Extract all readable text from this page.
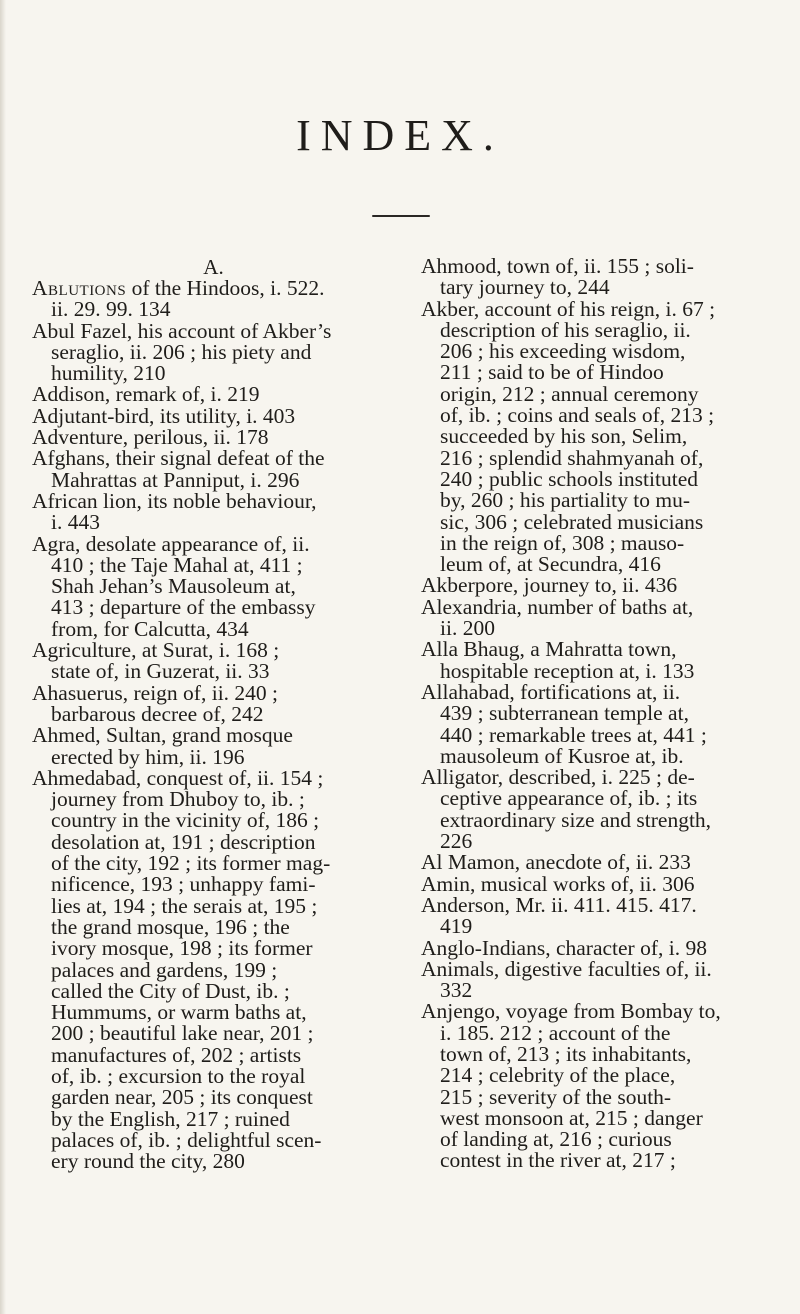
INDEX.
A.

Ablutions of the Hindoos, i. 522.
ii. 29. 99. 134

Abul Fazel, his account of Akber’s
seraglio, ii. 206 ; his piety and
humility, 210

Addison, remark of, i. 219

Adjutant-bird, its utility, i. 403

Adventure, perilous, ii. 178

Afghans, their signal defeat of the
Mahrattas at Panniput, i. 296

African lion, its noble behaviour,
i. 443

Agra, desolate appearance of, ii.
410 ; the Taje Mahal at, 411 ;
Shah Jehan’s Mausoleum at,
413 ; departure of the embassy
from, for Calcutta, 434

Agriculture, at Surat, i. 168 ;
state of, in Guzerat, ii. 33

Ahasuerus, reign of, ii. 240 ;
barbarous decree of, 242

Ahmed, Sultan, grand mosque
erected by him, ii. 196

Ahmedabad, conquest of, ii. 154 ;
journey from Dhuboy to, ib. ;
country in the vicinity of, 186 ;
desolation at, 191 ; description
of the city, 192 ; its former mag-
nificence, 193 ; unhappy fami-
lies at, 194 ; the serais at, 195 ;
the grand mosque, 196 ; the
ivory mosque, 198 ; its former
palaces and gardens, 199 ;
called the City of Dust, ib. ;
Hummums, or warm baths at,
200 ; beautiful lake near, 201 ;
manufactures of, 202 ; artists
of, ib. ; excursion to the royal
garden near, 205 ; its conquest
by the English, 217 ; ruined
palaces of, ib. ; delightful scen-
ery round the city, 280

Ahmood, town of, ii. 155 ; soli-
tary journey to, 244

Akber, account of his reign, i. 67 ;
description of his seraglio, ii.
206 ; his exceeding wisdom,
211 ; said to be of Hindoo
origin, 212 ; annual ceremony
of, ib. ; coins and seals of, 213 ;
succeeded by his son, Selim,
216 ; splendid shahmyanah of,
240 ; public schools instituted
by, 260 ; his partiality to mu-
sic, 306 ; celebrated musicians
in the reign of, 308 ; mauso-
leum of, at Secundra, 416

Akberpore, journey to, ii. 436

Alexandria, number of baths at,
ii. 200

Alla Bhaug, a Mahratta town,
hospitable reception at, i. 133

Allahabad, fortifications at, ii.
439 ; subterranean temple at,
440 ; remarkable trees at, 441 ;
mausoleum of Kusroe at, ib.

Alligator, described, i. 225 ; de-
ceptive appearance of, ib. ; its
extraordinary size and strength,
226

Al Mamon, anecdote of, ii. 233

Amin, musical works of, ii. 306

Anderson, Mr. ii. 411. 415. 417.
419

Anglo-Indians, character of, i. 98

Animals, digestive faculties of, ii.
332

Anjengo, voyage from Bombay to,
i. 185. 212 ; account of the
town of, 213 ; its inhabitants,
214 ; celebrity of the place,
215 ; severity of the south-
west monsoon at, 215 ; danger
of landing at, 216 ; curious
contest in the river at, 217 ;
